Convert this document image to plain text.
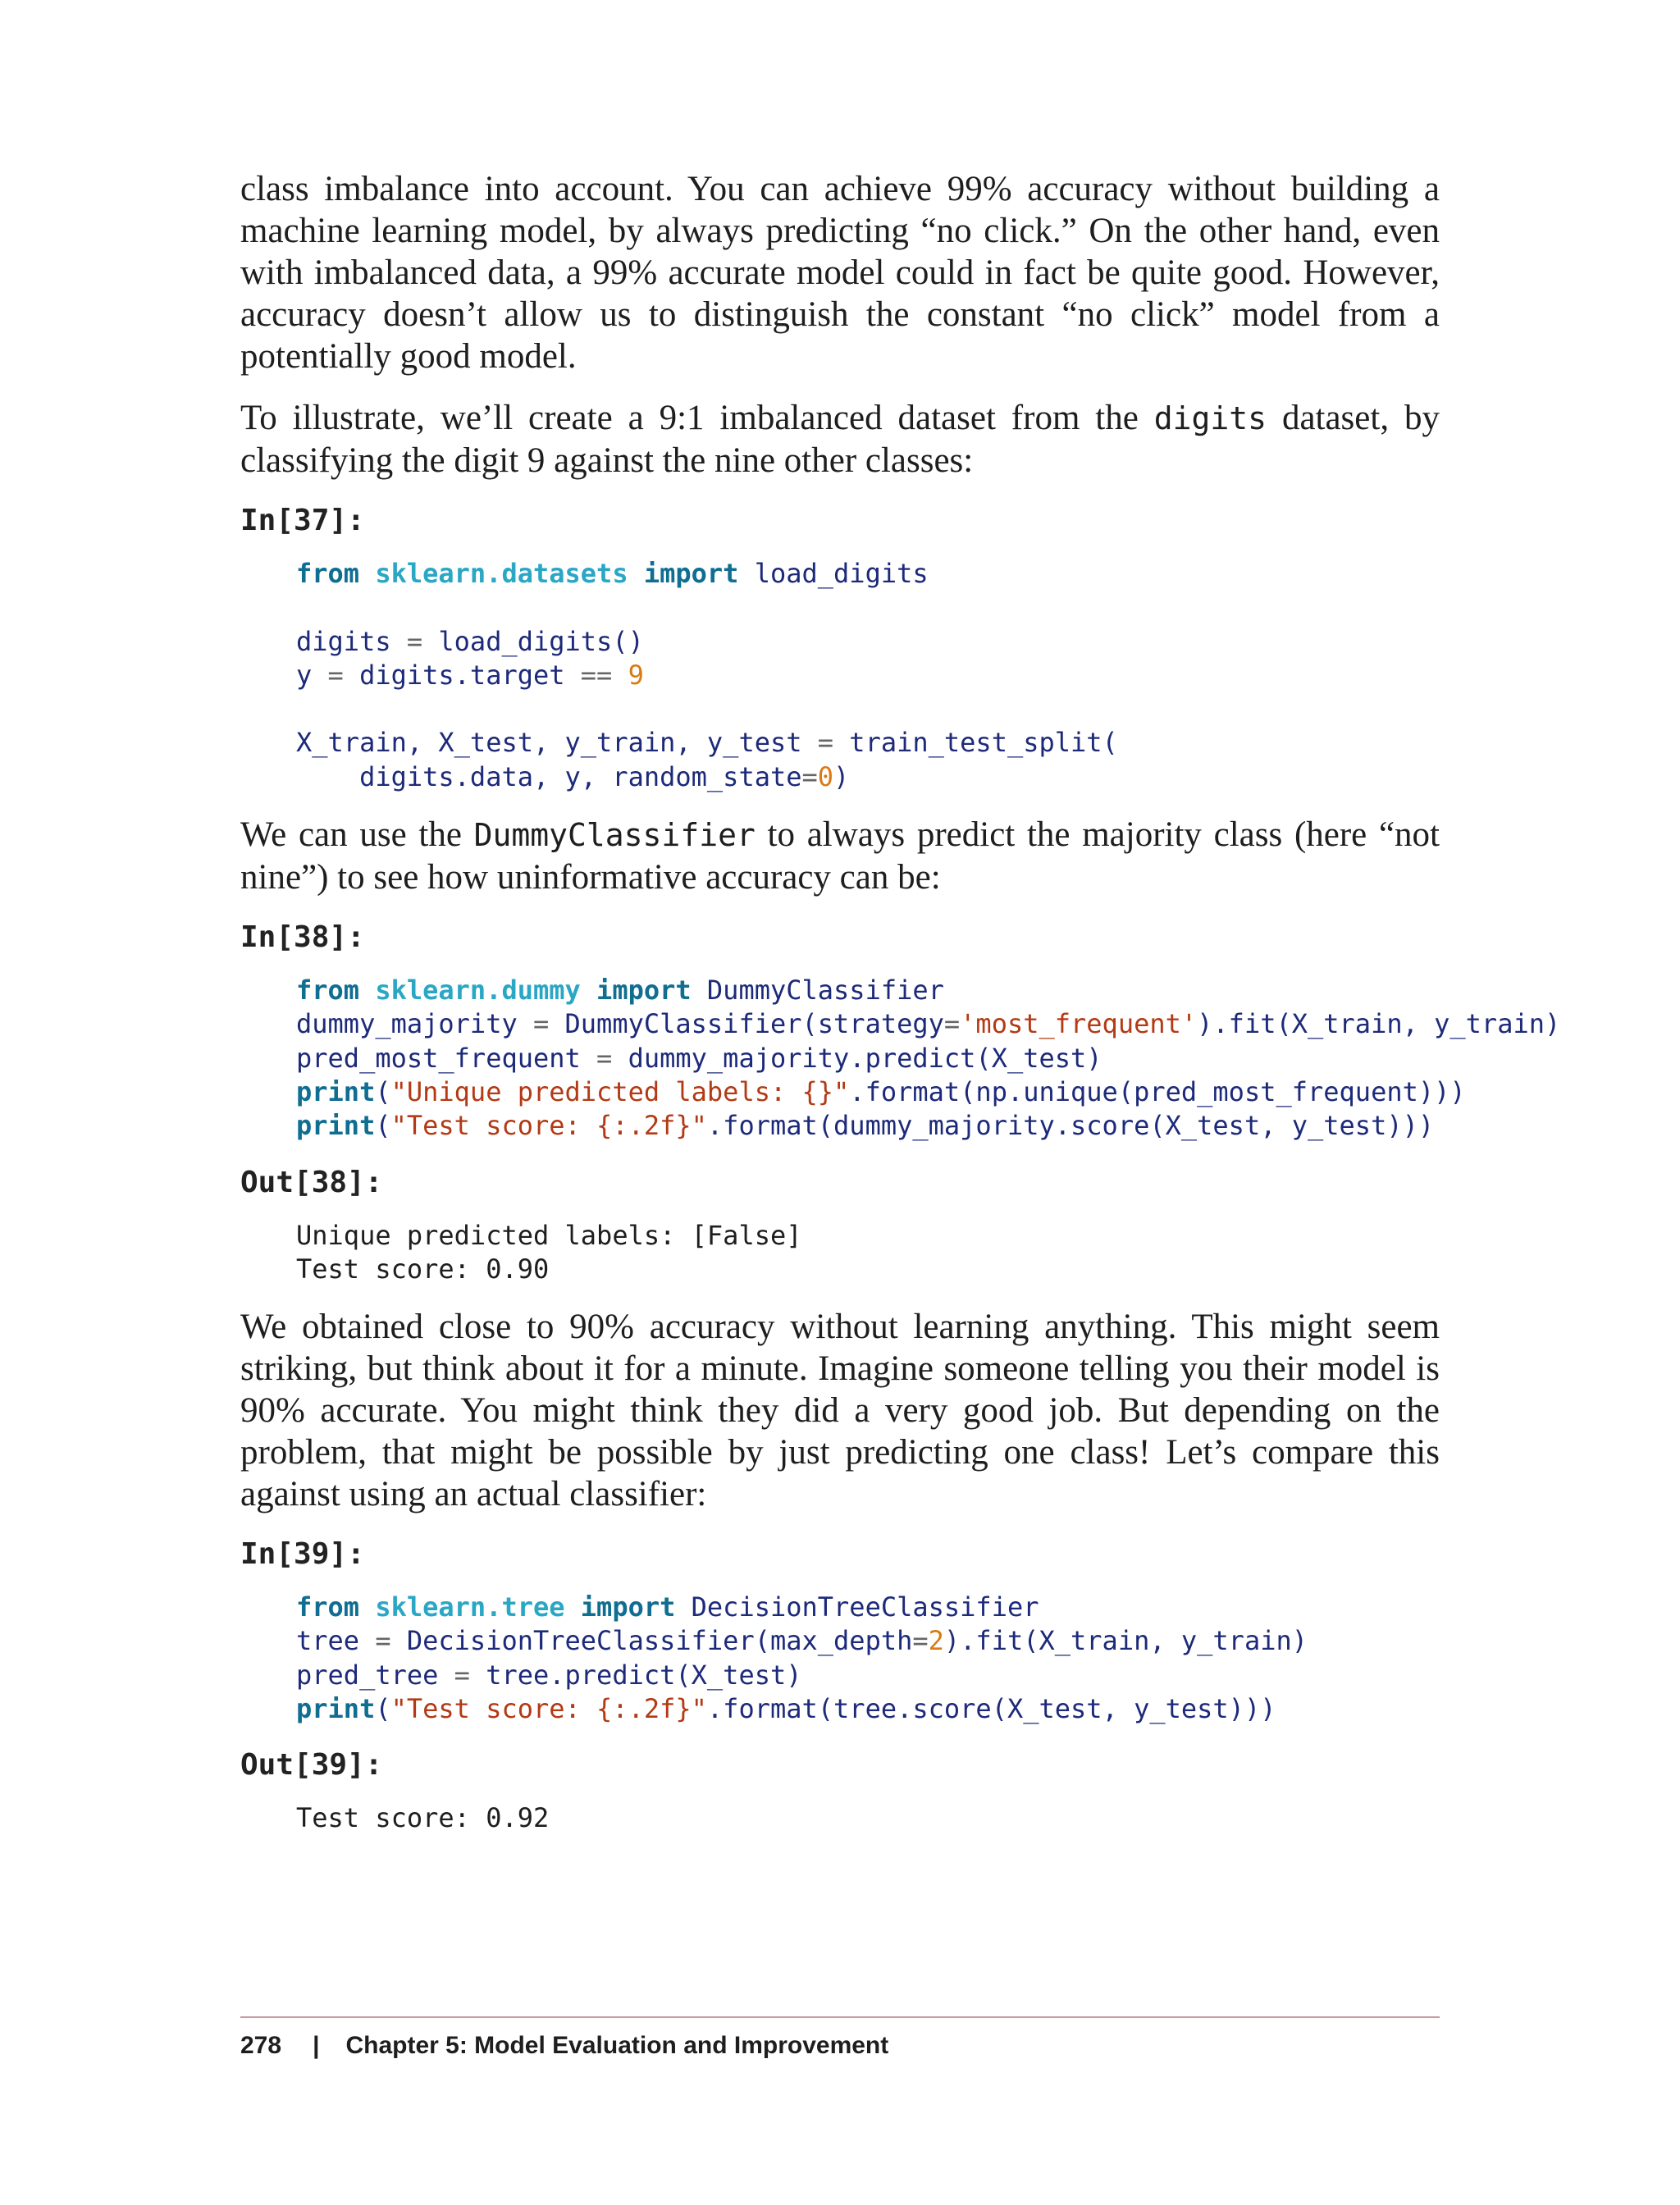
class imbalance into account. You can achieve 99% accuracy without building a machine learning model, by always predicting “no click.” On the other hand, even with imbalanced data, a 99% accurate model could in fact be quite good. However, accuracy doesn’t allow us to distinguish the constant “no click” model from a potentially good model.

To illustrate, we’ll create a 9:1 imbalanced dataset from the digits dataset, by classifying the digit 9 against the nine other classes:

In[37]:
from sklearn.datasets import load_digits
digits = load_digits()
y = digits.target == 9
X_train, X_test, y_train, y_test = train_test_split(
digits.data, y, random_state=0)

We can use the DummyClassifier to always predict the majority class (here “not nine”) to see how uninformative accuracy can be:

In[38]:
from sklearn.dummy import DummyClassifier
dummy_majority = DummyClassifier(strategy='most_frequent').fit(X_train, y_train)
pred_most_frequent = dummy_majority.predict(X_test)
print("Unique predicted labels: {}".format(np.unique(pred_most_frequent)))
print("Test score: {:.2f}".format(dummy_majority.score(X_test, y_test)))
Out[38]:
Unique predicted labels: [False]
Test score: 0.90

We obtained close to 90% accuracy without learning anything. This might seem striking, but think about it for a minute. Imagine someone telling you their model is 90% accurate. You might think they did a very good job. But depending on the problem, that might be possible by just predicting one class! Let’s compare this against using an actual classifier:

In[39]:
from sklearn.tree import DecisionTreeClassifier
tree = DecisionTreeClassifier(max_depth=2).fit(X_train, y_train)
pred_tree = tree.predict(X_test)
print("Test score: {:.2f}".format(tree.score(X_test, y_test)))
Out[39]:
Test score: 0.92
278 | Chapter 5: Model Evaluation and Improvement
